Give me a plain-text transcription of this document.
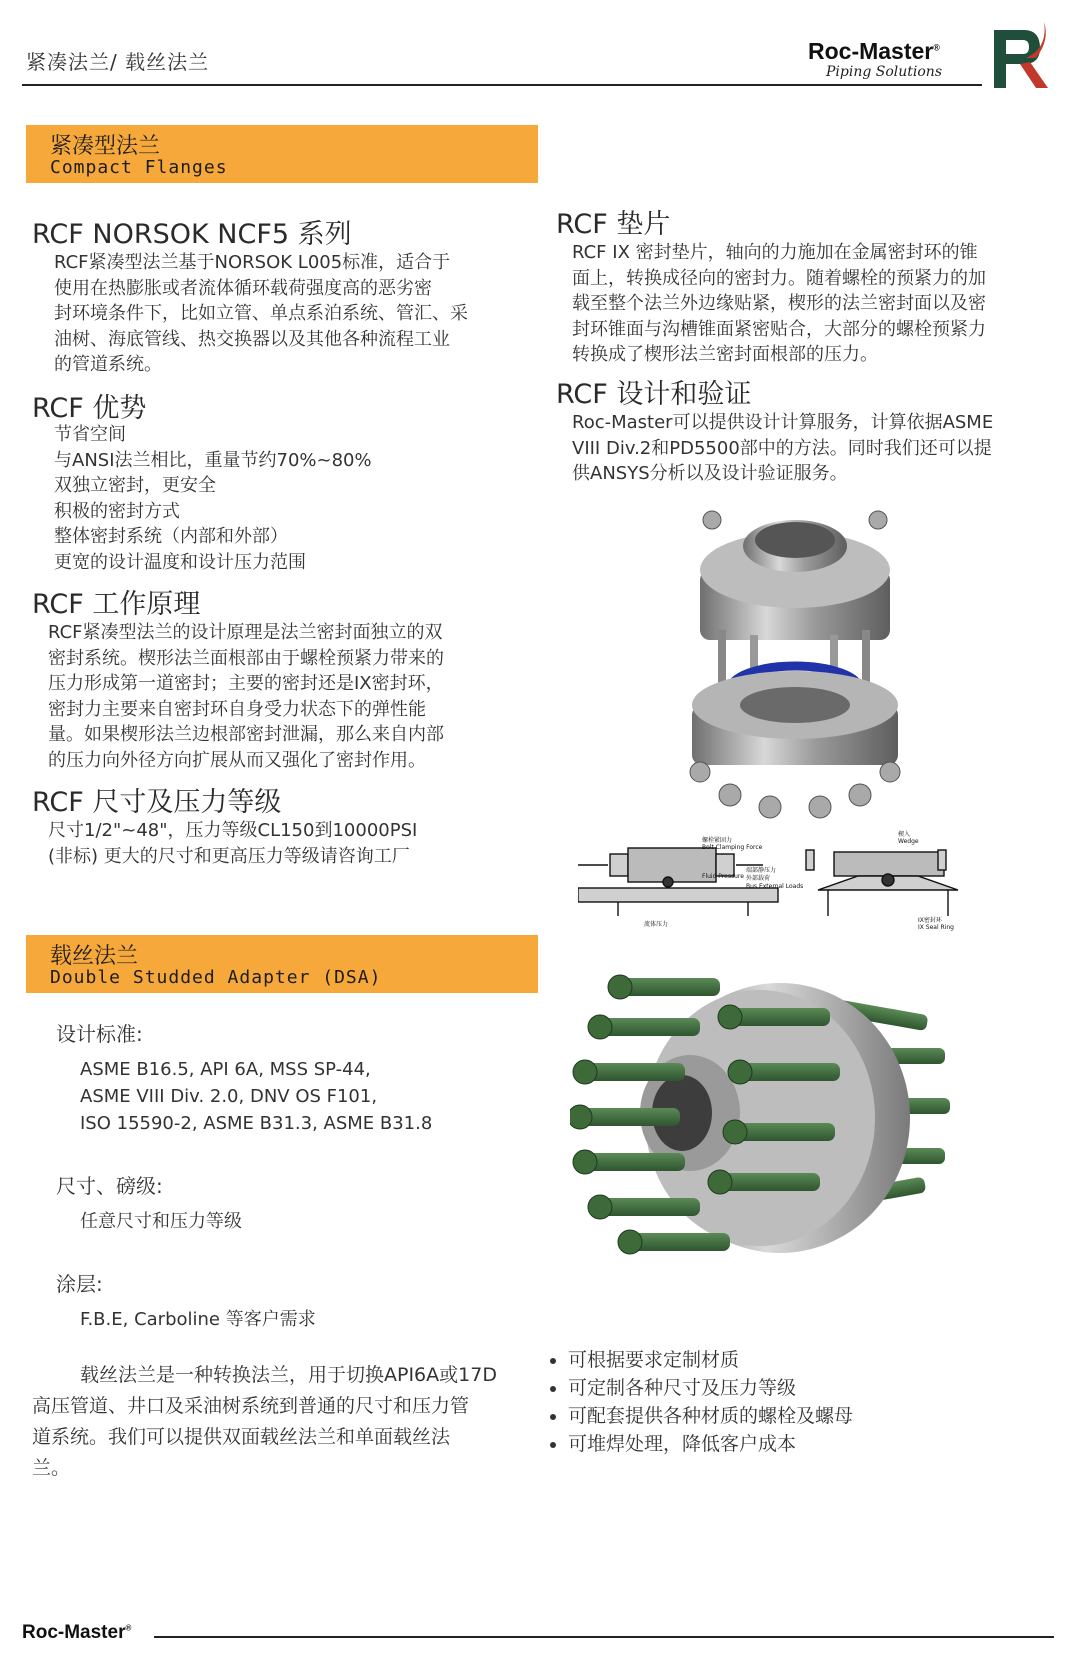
紧凑法兰/ 载丝法兰	Roc-Master®
Piping Solutions
紧凑型法兰
Compact Flanges
RCF NORSOK NCF5 系列
RCF紧凑型法兰基于NORSOK L005标准，适合于
使用在热膨胀或者流体循环载荷强度高的恶劣密
封环境条件下，比如立管、单点系泊系统、管汇、采
油树、海底管线、热交换器以及其他各种流程工业
的管道系统。
RCF 优势
节省空间
与ANSI法兰相比，重量节约70%~80%
双独立密封，更安全
积极的密封方式
整体密封系统（内部和外部）
更宽的设计温度和设计压力范围
RCF 工作原理
RCF紧凑型法兰的设计原理是法兰密封面独立的双
密封系统。楔形法兰面根部由于螺栓预紧力带来的
压力形成第一道密封；主要的密封还是IX密封环，
密封力主要来自密封环自身受力状态下的弹性能
量。如果楔形法兰边根部密封泄漏，那么来自内部
的压力向外径方向扩展从而又强化了密封作用。
RCF 尺寸及压力等级
尺寸1/2"~48"，压力等级CL150到10000PSI
(非标) 更大的尺寸和更高压力等级请咨询工厂
RCF 垫片
RCF IX 密封垫片，轴向的力施加在金属密封环的锥
面上，转换成径向的密封力。随着螺栓的预紧力的加
载至整个法兰外边缘贴紧，楔形的法兰密封面以及密
封环锥面与沟槽锥面紧密贴合，大部分的螺栓预紧力
转换成了楔形法兰密封面根部的压力。
RCF 设计和验证
Roc-Master可以提供设计计算服务，计算依据ASME
VIII Div.2和PD5500部中的方法。同时我们还可以提
供ANSYS分析以及设计验证服务。
螺栓紧固力
Bolt Clamping Force
Fluid Pressure
端部静压力
外部载荷
Bus External Loads
流体压力
楔入
Wedge
IX密封环
IX Seal Ring
载丝法兰
Double Studded Adapter (DSA)
设计标准:
ASME B16.5, API 6A, MSS SP-44,
ASME VIII Div. 2.0, DNV OS F101,
ISO 15590-2, ASME B31.3, ASME B31.8
尺寸、磅级:
任意尺寸和压力等级
涂层:
F.B.E, Carboline 等客户需求
载丝法兰是一种转换法兰，用于切换API6A或17D
高压管道、井口及采油树系统到普通的尺寸和压力管
道系统。我们可以提供双面载丝法兰和单面载丝法
兰。
• 可根据要求定制材质
• 可定制各种尺寸及压力等级
• 可配套提供各种材质的螺栓及螺母
• 可堆焊处理，降低客户成本
Roc-Master®
